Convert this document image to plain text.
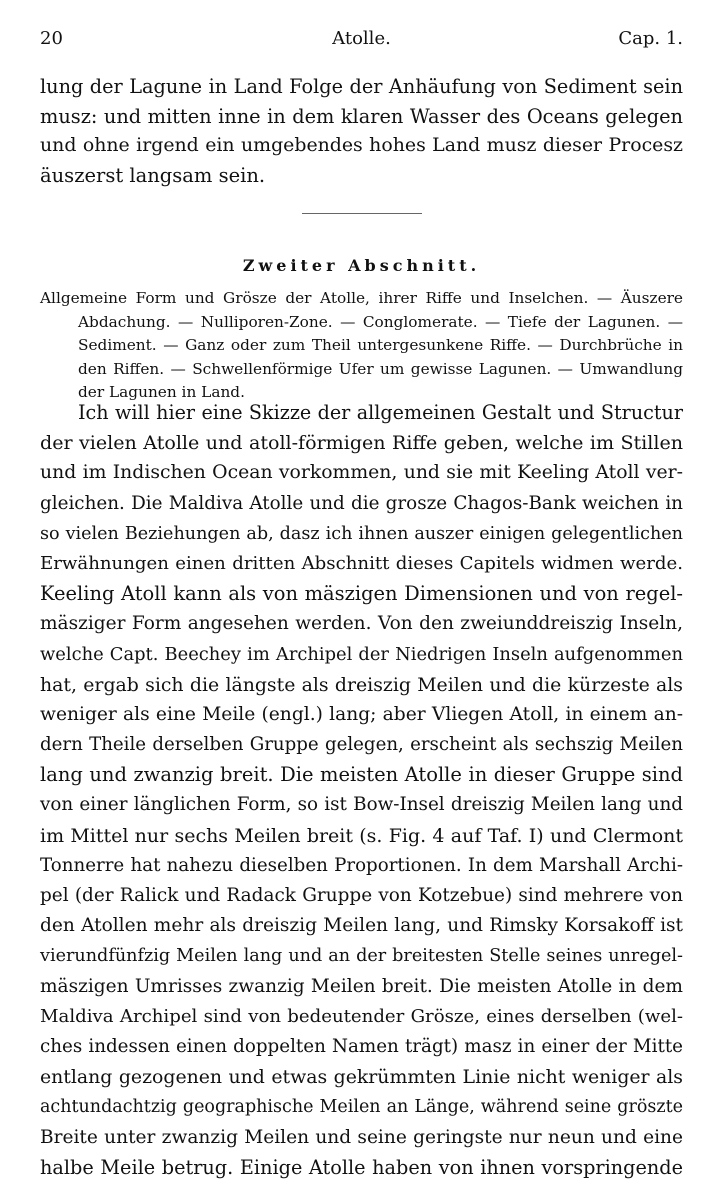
20	Atolle.	Cap. 1.
lung der Lagune in Land Folge der Anhäufung von Sediment sein
musz: und mitten inne in dem klaren Wasser des Oceans gelegen
und ohne irgend ein umgebendes hohes Land musz dieser Procesz
äuszerst langsam sein.
Zweiter Abschnitt.
Allgemeine Form und Grösze der Atolle, ihrer Riffe und Inselchen. — Äuszere
Abdachung. — Nulliporen-Zone. — Conglomerate. — Tiefe der Lagunen. —
Sediment. — Ganz oder zum Theil untergesunkene Riffe. — Durchbrüche in
den Riffen. — Schwellenförmige Ufer um gewisse Lagunen. — Umwandlung
der Lagunen in Land.
Ich will hier eine Skizze der allgemeinen Gestalt und Structur
der vielen Atolle und atoll-förmigen Riffe geben, welche im Stillen
und im Indischen Ocean vorkommen, und sie mit Keeling Atoll ver-
gleichen. Die Maldiva Atolle und die grosze Chagos-Bank weichen in
so vielen Beziehungen ab, dasz ich ihnen auszer einigen gelegentlichen
Erwähnungen einen dritten Abschnitt dieses Capitels widmen werde.
Keeling Atoll kann als von mäszigen Dimensionen und von regel-
mäsziger Form angesehen werden. Von den zweiunddreiszig Inseln,
welche Capt. Beechey im Archipel der Niedrigen Inseln aufgenommen
hat, ergab sich die längste als dreiszig Meilen und die kürzeste als
weniger als eine Meile (engl.) lang; aber Vliegen Atoll, in einem an-
dern Theile derselben Gruppe gelegen, erscheint als sechszig Meilen
lang und zwanzig breit. Die meisten Atolle in dieser Gruppe sind
von einer länglichen Form, so ist Bow-Insel dreiszig Meilen lang und
im Mittel nur sechs Meilen breit (s. Fig. 4 auf Taf. I) und Clermont
Tonnerre hat nahezu dieselben Proportionen. In dem Marshall Archi-
pel (der Ralick und Radack Gruppe von Kotzebue) sind mehrere von
den Atollen mehr als dreiszig Meilen lang, und Rimsky Korsakoff ist
vierundfünfzig Meilen lang und an der breitesten Stelle seines unregel-
mäszigen Umrisses zwanzig Meilen breit. Die meisten Atolle in dem
Maldiva Archipel sind von bedeutender Grösze, eines derselben (wel-
ches indessen einen doppelten Namen trägt) masz in einer der Mitte
entlang gezogenen und etwas gekrümmten Linie nicht weniger als
achtundachtzig geographische Meilen an Länge, während seine gröszte
Breite unter zwanzig Meilen und seine geringste nur neun und eine
halbe Meile betrug. Einige Atolle haben von ihnen vorspringende
